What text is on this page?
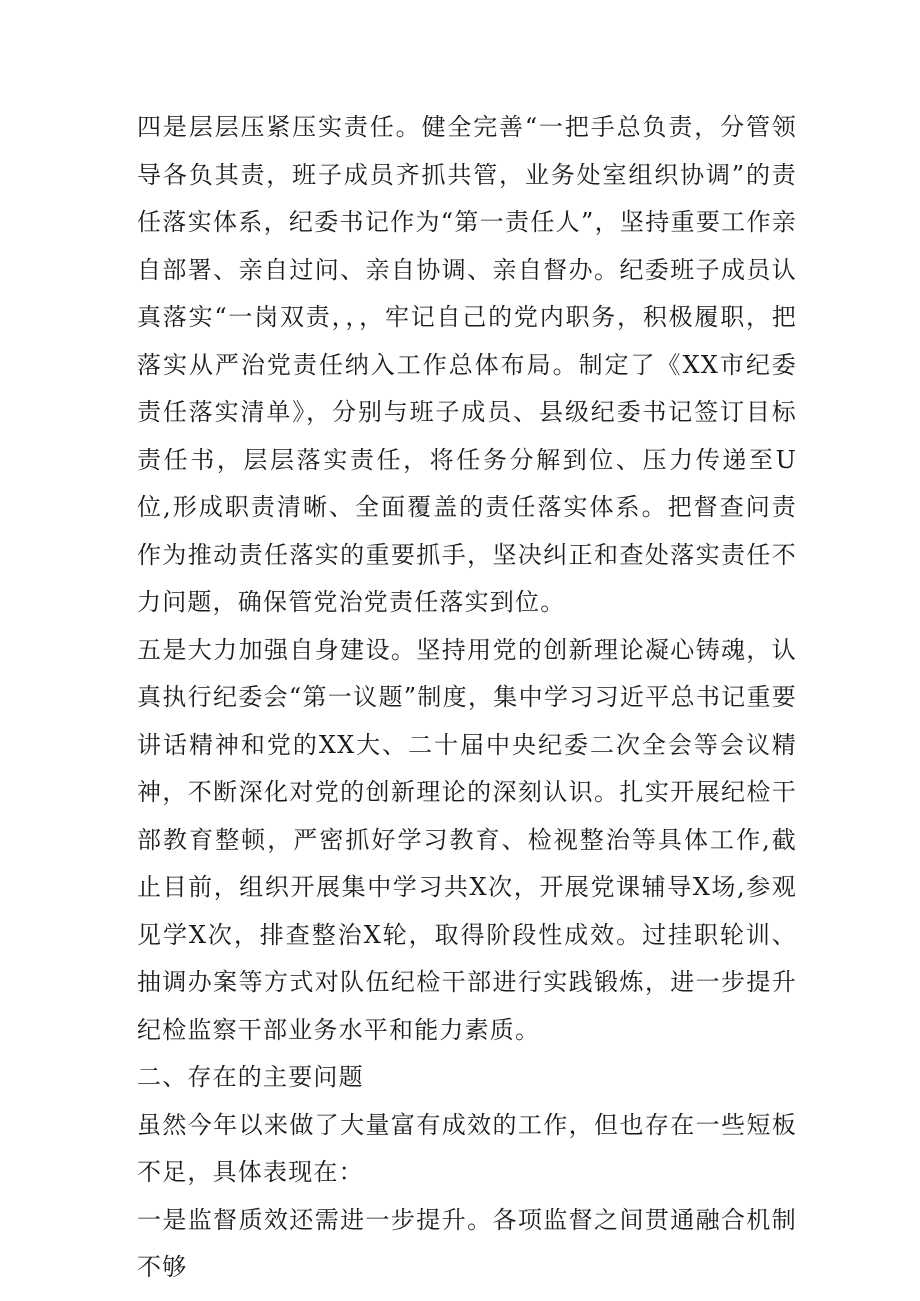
四是层层压紧压实责任。健全完善“一把手总负责，分管领导各负其责，班子成员齐抓共管，业务处室组织协调”的责任落实体系，纪委书记作为“第一责任人”，坚持重要工作亲自部署、亲自过问、亲自协调、亲自督办。纪委班子成员认真落实“一岗双责，，，牢记自己的党内职务，积极履职，把落实从严治党责任纳入工作总体布局。制定了《XX市纪委责任落实清单》，分别与班子成员、县级纪委书记签订目标责任书，层层落实责任，将任务分解到位、压力传递至U位,形成职责清晰、全面覆盖的责任落实体系。把督查问责作为推动责任落实的重要抓手，坚决纠正和查处落实责任不力问题，确保管党治党责任落实到位。

五是大力加强自身建设。坚持用党的创新理论凝心铸魂，认真执行纪委会“第一议题”制度，集中学习习近平总书记重要讲话精神和党的XX大、二十届中央纪委二次全会等会议精神，不断深化对党的创新理论的深刻认识。扎实开展纪检干部教育整顿，严密抓好学习教育、检视整治等具体工作,截止目前，组织开展集中学习共X次，开展党课辅导X场,参观见学X次，排查整治X轮，取得阶段性成效。过挂职轮训、抽调办案等方式对队伍纪检干部进行实践锻炼，进一步提升纪检监察干部业务水平和能力素质。

二、存在的主要问题

虽然今年以来做了大量富有成效的工作，但也存在一些短板不足，具体表现在：

一是监督质效还需进一步提升。各项监督之间贯通融合机制不够
